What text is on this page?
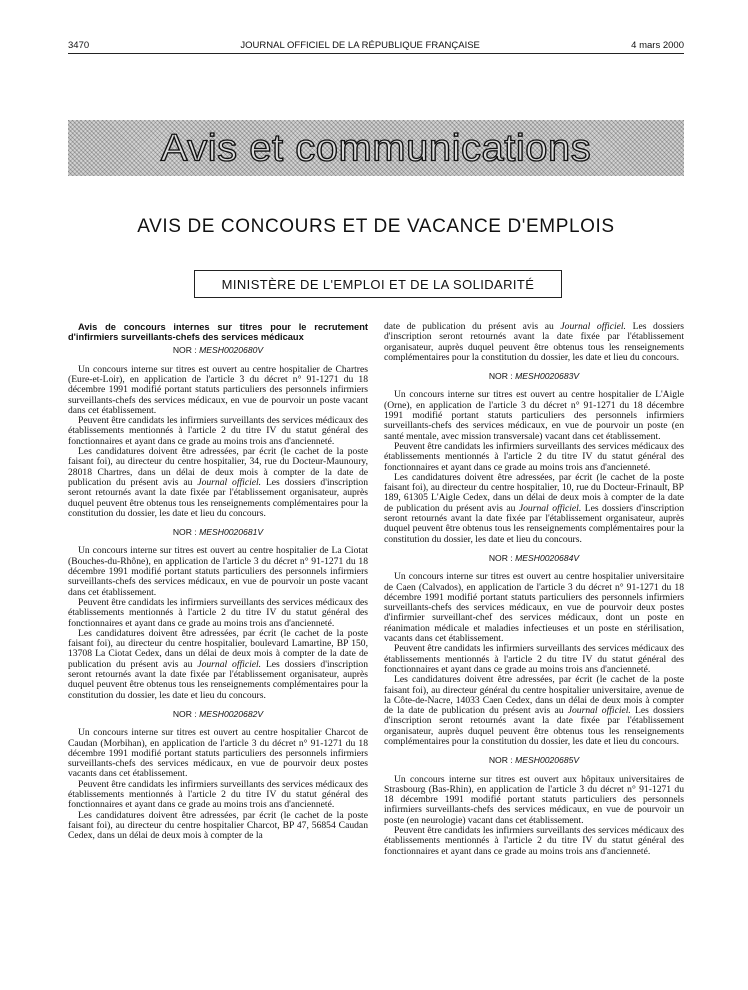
3470	JOURNAL OFFICIEL DE LA RÉPUBLIQUE FRANÇAISE	4 mars 2000
Avis et communications
AVIS DE CONCOURS ET DE VACANCE D'EMPLOIS
MINISTÈRE DE L'EMPLOI ET DE LA SOLIDARITÉ

Avis de concours internes sur titres pour le recrutement d'infirmiers surveillants-chefs des services médicaux

NOR : MESH0020680V

Un concours interne sur titres est ouvert au centre hospitalier de Chartres (Eure-et-Loir), en application de l'article 3 du décret n° 91-1271 du 18 décembre 1991 modifié portant statuts particuliers des personnels infirmiers surveillants-chefs des services médicaux, en vue de pourvoir un poste vacant dans cet établissement.

Peuvent être candidats les infirmiers surveillants des services médicaux des établissements mentionnés à l'article 2 du titre IV du statut général des fonctionnaires et ayant dans ce grade au moins trois ans d'ancienneté.

Les candidatures doivent être adressées, par écrit (le cachet de la poste faisant foi), au directeur du centre hospitalier, 34, rue du Docteur-Maunoury, 28018 Chartres, dans un délai de deux mois à compter de la date de publication du présent avis au Journal officiel. Les dossiers d'inscription seront retournés avant la date fixée par l'établissement organisateur, auprès duquel peuvent être obtenus tous les renseignements complémentaires pour la constitution du dossier, les date et lieu du concours.

NOR : MESH0020681V

Un concours interne sur titres est ouvert au centre hospitalier de La Ciotat (Bouches-du-Rhône), en application de l'article 3 du décret n° 91-1271 du 18 décembre 1991 modifié portant statuts particuliers des personnels infirmiers surveillants-chefs des services médicaux, en vue de pourvoir un poste vacant dans cet établissement.

Peuvent être candidats les infirmiers surveillants des services médicaux des établissements mentionnés à l'article 2 du titre IV du statut général des fonctionnaires et ayant dans ce grade au moins trois ans d'ancienneté.

Les candidatures doivent être adressées, par écrit (le cachet de la poste faisant foi), au directeur du centre hospitalier, boulevard Lamartine, BP 150, 13708 La Ciotat Cedex, dans un délai de deux mois à compter de la date de publication du présent avis au Journal officiel. Les dossiers d'inscription seront retournés avant la date fixée par l'établissement organisateur, auprès duquel peuvent être obtenus tous les renseignements complémentaires pour la constitution du dossier, les date et lieu du concours.

NOR : MESH0020682V

Un concours interne sur titres est ouvert au centre hospitalier Charcot de Caudan (Morbihan), en application de l'article 3 du décret n° 91-1271 du 18 décembre 1991 modifié portant statuts particuliers des personnels infirmiers surveillants-chefs des services médicaux, en vue de pourvoir deux postes vacants dans cet établissement.

Peuvent être candidats les infirmiers surveillants des services médicaux des établissements mentionnés à l'article 2 du titre IV du statut général des fonctionnaires et ayant dans ce grade au moins trois ans d'ancienneté.

Les candidatures doivent être adressées, par écrit (le cachet de la poste faisant foi), au directeur du centre hospitalier Charcot, BP 47, 56854 Caudan Cedex, dans un délai de deux mois à compter de la

date de publication du présent avis au Journal officiel. Les dossiers d'inscription seront retournés avant la date fixée par l'établissement organisateur, auprès duquel peuvent être obtenus tous les renseignements complémentaires pour la constitution du dossier, les date et lieu du concours.

NOR : MESH0020683V

Un concours interne sur titres est ouvert au centre hospitalier de L'Aigle (Orne), en application de l'article 3 du décret n° 91-1271 du 18 décembre 1991 modifié portant statuts particuliers des personnels infirmiers surveillants-chefs des services médicaux, en vue de pourvoir un poste (en santé mentale, avec mission transversale) vacant dans cet établissement.

Peuvent être candidats les infirmiers surveillants des services médicaux des établissements mentionnés à l'article 2 du titre IV du statut général des fonctionnaires et ayant dans ce grade au moins trois ans d'ancienneté.

Les candidatures doivent être adressées, par écrit (le cachet de la poste faisant foi), au directeur du centre hospitalier, 10, rue du Docteur-Frinault, BP 189, 61305 L'Aigle Cedex, dans un délai de deux mois à compter de la date de publication du présent avis au Journal officiel. Les dossiers d'inscription seront retournés avant la date fixée par l'établissement organisateur, auprès duquel peuvent être obtenus tous les renseignements complémentaires pour la constitution du dossier, les date et lieu du concours.

NOR : MESH0020684V

Un concours interne sur titres est ouvert au centre hospitalier universitaire de Caen (Calvados), en application de l'article 3 du décret n° 91-1271 du 18 décembre 1991 modifié portant statuts particuliers des personnels infirmiers surveillants-chefs des services médicaux, en vue de pourvoir deux postes d'infirmier surveillant-chef des services médicaux, dont un poste en réanimation médicale et maladies infectieuses et un poste en stérilisation, vacants dans cet établissement.

Peuvent être candidats les infirmiers surveillants des services médicaux des établissements mentionnés à l'article 2 du titre IV du statut général des fonctionnaires et ayant dans ce grade au moins trois ans d'ancienneté.

Les candidatures doivent être adressées, par écrit (le cachet de la poste faisant foi), au directeur général du centre hospitalier universitaire, avenue de la Côte-de-Nacre, 14033 Caen Cedex, dans un délai de deux mois à compter de la date de publication du présent avis au Journal officiel. Les dossiers d'inscription seront retournés avant la date fixée par l'établissement organisateur, auprès duquel peuvent être obtenus tous les renseignements complémentaires pour la constitution du dossier, les date et lieu du concours.

NOR : MESH0020685V

Un concours interne sur titres est ouvert aux hôpitaux universitaires de Strasbourg (Bas-Rhin), en application de l'article 3 du décret n° 91-1271 du 18 décembre 1991 modifié portant statuts particuliers des personnels infirmiers surveillants-chefs des services médicaux, en vue de pourvoir un poste (en neurologie) vacant dans cet établissement.

Peuvent être candidats les infirmiers surveillants des services médicaux des établissements mentionnés à l'article 2 du titre IV du statut général des fonctionnaires et ayant dans ce grade au moins trois ans d'ancienneté.
